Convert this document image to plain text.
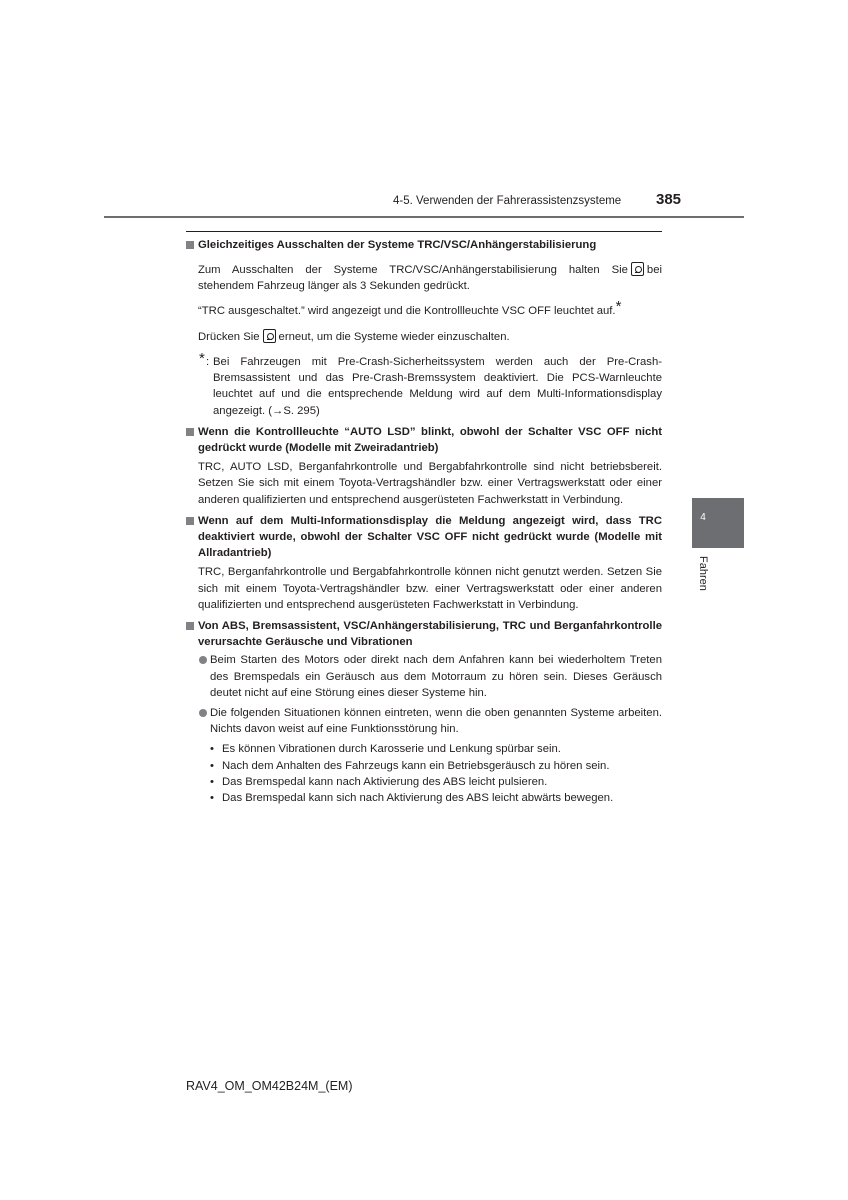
4-5. Verwenden der Fahrerassistenzsysteme 385
Gleichzeitiges Ausschalten der Systeme TRC/VSC/Anhängerstabilisierung
Zum Ausschalten der Systeme TRC/VSC/Anhängerstabilisierung halten Sie bei stehendem Fahrzeug länger als 3 Sekunden gedrückt.
“TRC ausgeschaltet.” wird angezeigt und die Kontrollleuchte VSC OFF leuchtet auf.*
Drücken Sie erneut, um die Systeme wieder einzuschalten.
* : Bei Fahrzeugen mit Pre-Crash-Sicherheitssystem werden auch der Pre-Crash-Bremsassistent und das Pre-Crash-Bremssystem deaktiviert. Die PCS-Warnleuchte leuchtet auf und die entsprechende Meldung wird auf dem Multi-Informationsdisplay angezeigt. (→S. 295)
Wenn die Kontrollleuchte “AUTO LSD” blinkt, obwohl der Schalter VSC OFF nicht gedrückt wurde (Modelle mit Zweiradantrieb)
TRC, AUTO LSD, Berganfahrkontrolle und Bergabfahrkontrolle sind nicht betriebsbereit. Setzen Sie sich mit einem Toyota-Vertragshändler bzw. einer Vertragswerkstatt oder einer anderen qualifizierten und entsprechend ausgerüsteten Fachwerkstatt in Verbindung.
Wenn auf dem Multi-Informationsdisplay die Meldung angezeigt wird, dass TRC deaktiviert wurde, obwohl der Schalter VSC OFF nicht gedrückt wurde (Modelle mit Allradantrieb)
TRC, Berganfahrkontrolle und Bergabfahrkontrolle können nicht genutzt werden. Setzen Sie sich mit einem Toyota-Vertragshändler bzw. einer Vertragswerkstatt oder einer anderen qualifizierten und entsprechend ausgerüsteten Fachwerkstatt in Verbindung.
Von ABS, Bremsassistent, VSC/Anhängerstabilisierung, TRC und Berganfahrkontrolle verursachte Geräusche und Vibrationen
Beim Starten des Motors oder direkt nach dem Anfahren kann bei wiederholtem Treten des Bremspedals ein Geräusch aus dem Motorraum zu hören sein. Dieses Geräusch deutet nicht auf eine Störung eines dieser Systeme hin.
Die folgenden Situationen können eintreten, wenn die oben genannten Systeme arbeiten. Nichts davon weist auf eine Funktionsstörung hin.
• Es können Vibrationen durch Karosserie und Lenkung spürbar sein.
• Nach dem Anhalten des Fahrzeugs kann ein Betriebsgeräusch zu hören sein.
• Das Bremspedal kann nach Aktivierung des ABS leicht pulsieren.
• Das Bremspedal kann sich nach Aktivierung des ABS leicht abwärts bewegen.
4
Fahren
RAV4_OM_OM42B24M_(EM)
